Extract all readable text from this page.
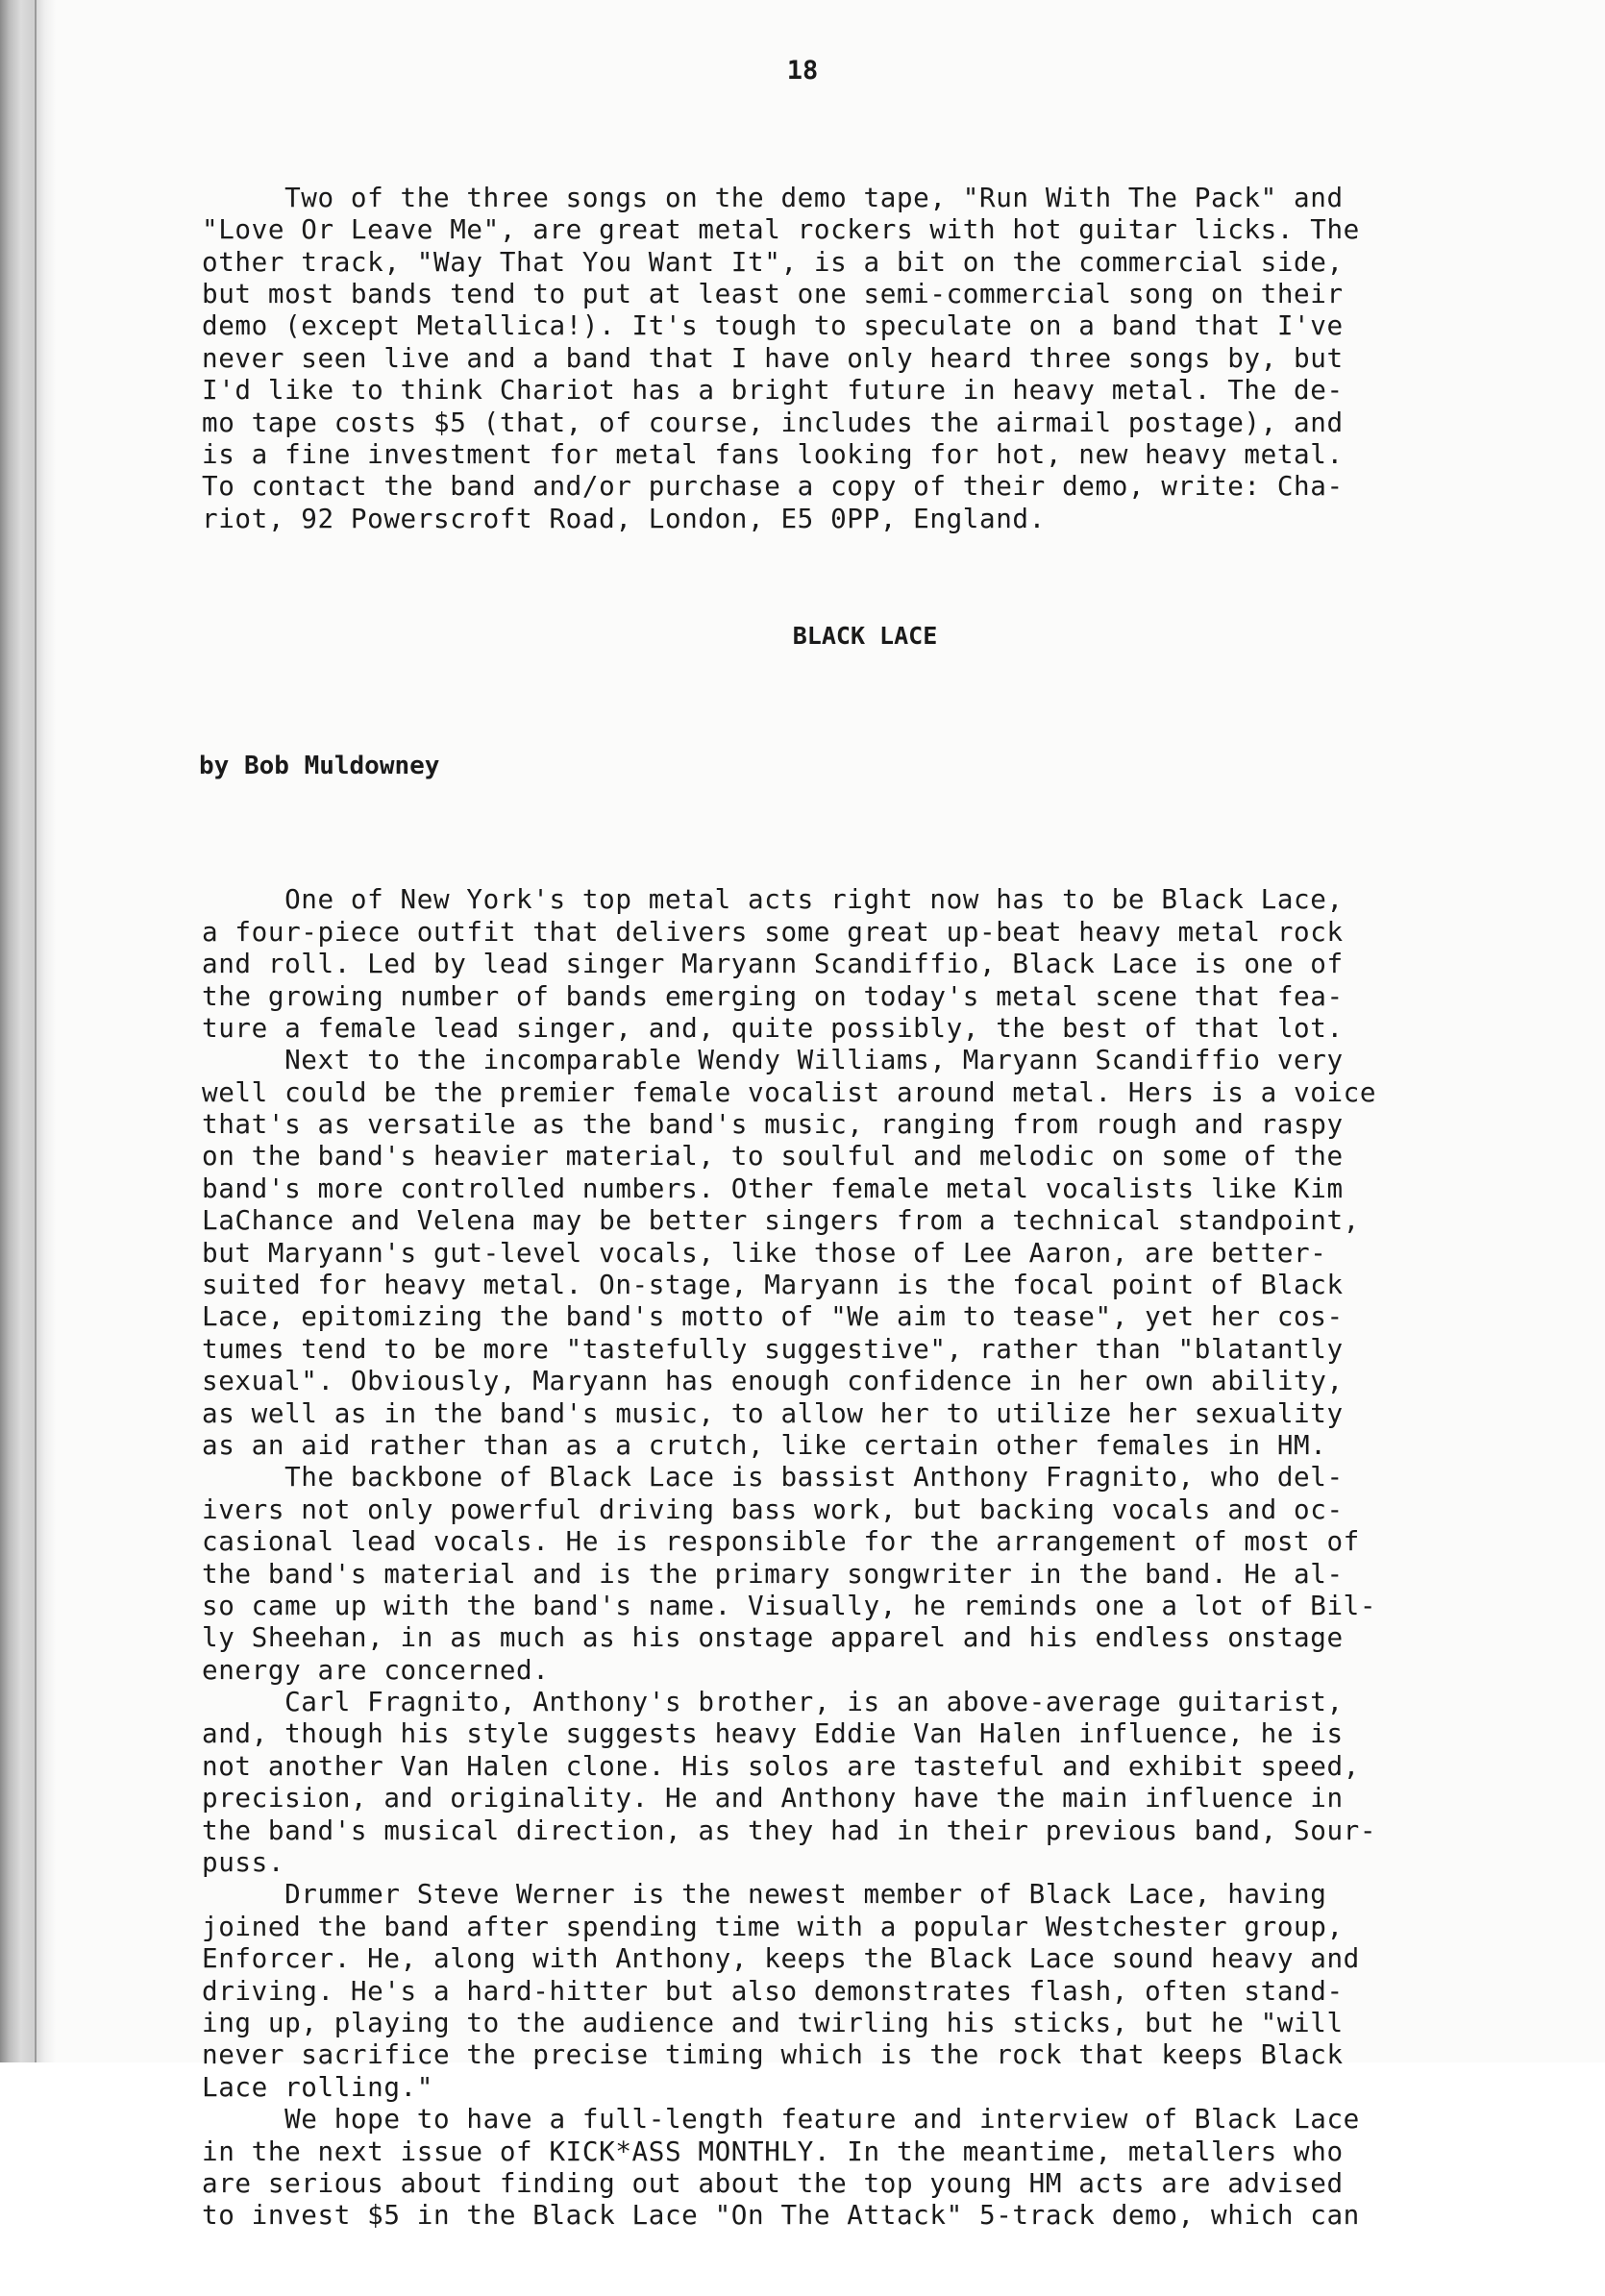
18

Two of the three songs on the demo tape, "Run With The Pack" and
"Love Or Leave Me", are great metal rockers with hot guitar licks. The
other track, "Way That You Want It", is a bit on the commercial side,
but most bands tend to put at least one semi-commercial song on their
demo (except Metallica!). It's tough to speculate on a band that I've
never seen live and a band that I have only heard three songs by, but
I'd like to think Chariot has a bright future in heavy metal. The de-
mo tape costs $5 (that, of course, includes the airmail postage), and
is a fine investment for metal fans looking for hot, new heavy metal.
To contact the band and/or purchase a copy of their demo, write: Cha-
riot, 92 Powerscroft Road, London, E5 0PP, England.

BLACK LACE

by Bob Muldowney

One of New York's top metal acts right now has to be Black Lace,
a four-piece outfit that delivers some great up-beat heavy metal rock
and roll. Led by lead singer Maryann Scandiffio, Black Lace is one of
the growing number of bands emerging on today's metal scene that fea-
ture a female lead singer, and, quite possibly, the best of that lot.
Next to the incomparable Wendy Williams, Maryann Scandiffio very
well could be the premier female vocalist around metal. Hers is a voice
that's as versatile as the band's music, ranging from rough and raspy
on the band's heavier material, to soulful and melodic on some of the
band's more controlled numbers. Other female metal vocalists like Kim
LaChance and Velena may be better singers from a technical standpoint,
but Maryann's gut-level vocals, like those of Lee Aaron, are better-
suited for heavy metal. On-stage, Maryann is the focal point of Black
Lace, epitomizing the band's motto of "We aim to tease", yet her cos-
tumes tend to be more "tastefully suggestive", rather than "blatantly
sexual". Obviously, Maryann has enough confidence in her own ability,
as well as in the band's music, to allow her to utilize her sexuality
as an aid rather than as a crutch, like certain other females in HM.
The backbone of Black Lace is bassist Anthony Fragnito, who del-
ivers not only powerful driving bass work, but backing vocals and oc-
casional lead vocals. He is responsible for the arrangement of most of
the band's material and is the primary songwriter in the band. He al-
so came up with the band's name. Visually, he reminds one a lot of Bil-
ly Sheehan, in as much as his onstage apparel and his endless onstage
energy are concerned.
Carl Fragnito, Anthony's brother, is an above-average guitarist,
and, though his style suggests heavy Eddie Van Halen influence, he is
not another Van Halen clone. His solos are tasteful and exhibit speed,
precision, and originality. He and Anthony have the main influence in
the band's musical direction, as they had in their previous band, Sour-
puss.
Drummer Steve Werner is the newest member of Black Lace, having
joined the band after spending time with a popular Westchester group,
Enforcer. He, along with Anthony, keeps the Black Lace sound heavy and
driving. He's a hard-hitter but also demonstrates flash, often stand-
ing up, playing to the audience and twirling his sticks, but he "will
never sacrifice the precise timing which is the rock that keeps Black
Lace rolling."
We hope to have a full-length feature and interview of Black Lace
in the next issue of KICK*ASS MONTHLY. In the meantime, metallers who
are serious about finding out about the top young HM acts are advised
to invest $5 in the Black Lace "On The Attack" 5-track demo, which can
